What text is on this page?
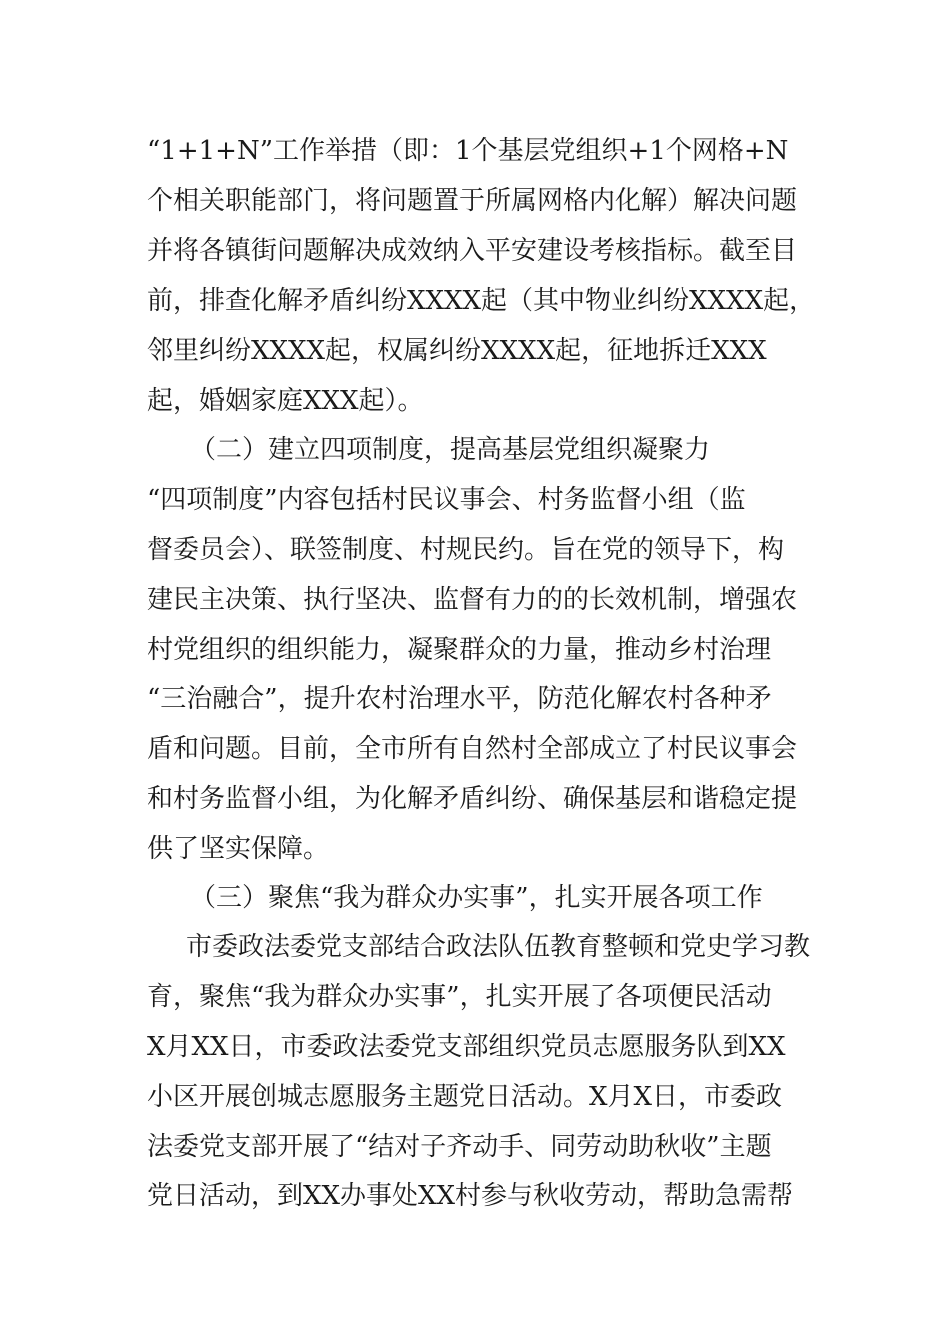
“1+1+N”工作举措（即：1个基层党组织+1个网格+N
个相关职能部门，将问题置于所属网格内化解）解决问题
并将各镇街问题解决成效纳入平安建设考核指标。截至目
前，排查化解矛盾纠纷XXXX起（其中物业纠纷XXXX起，
邻里纠纷XXXX起，权属纠纷XXXX起，征地拆迁XXX
起，婚姻家庭XXX起）。
（二）建立四项制度，提高基层党组织凝聚力
“四项制度”内容包括村民议事会、村务监督小组（监
督委员会）、联签制度、村规民约。旨在党的领导下，构
建民主决策、执行坚决、监督有力的的长效机制，增强农
村党组织的组织能力，凝聚群众的力量，推动乡村治理
“三治融合”，提升农村治理水平，防范化解农村各种矛
盾和问题。目前，全市所有自然村全部成立了村民议事会
和村务监督小组，为化解矛盾纠纷、确保基层和谐稳定提
供了坚实保障。
（三）聚焦“我为群众办实事”，扎实开展各项工作
市委政法委党支部结合政法队伍教育整顿和党史学习教
育，聚焦“我为群众办实事”，扎实开展了各项便民活动
X月XX日，市委政法委党支部组织党员志愿服务队到XX
小区开展创城志愿服务主题党日活动。X月X日，市委政
法委党支部开展了“结对子齐动手、同劳动助秋收”主题
党日活动，到XX办事处XX村参与秋收劳动，帮助急需帮
